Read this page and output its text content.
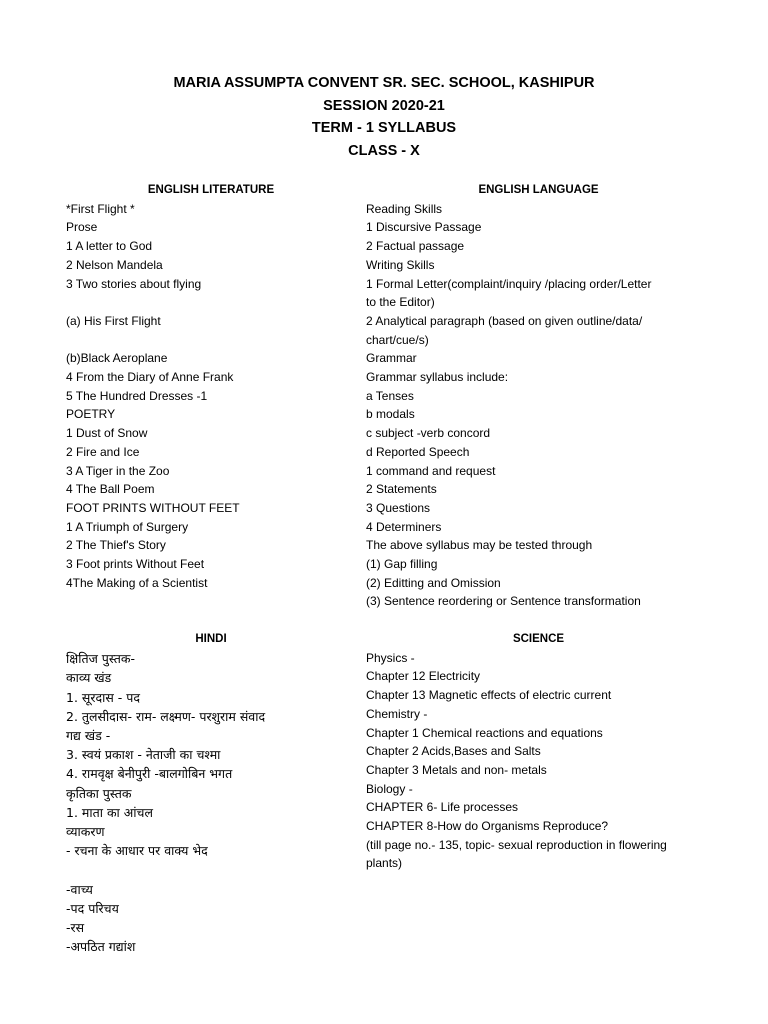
MARIA ASSUMPTA CONVENT SR. SEC. SCHOOL, KASHIPUR
SESSION 2020-21
TERM - 1 SYLLABUS
CLASS - X
ENGLISH LITERATURE
*First Flight *
Prose
1 A letter to God
2 Nelson Mandela
3 Two stories about flying
(a) His First Flight
(b)Black Aeroplane
4 From the Diary of Anne Frank
5 The Hundred Dresses -1
POETRY
1 Dust of Snow
2 Fire and Ice
3 A Tiger in the Zoo
4 The Ball Poem
FOOT PRINTS WITHOUT FEET
1 A Triumph of Surgery
2 The Thief's Story
3 Foot prints Without Feet
4The Making of a Scientist
ENGLISH LANGUAGE
Reading Skills
1 Discursive Passage
2 Factual passage
Writing Skills
1 Formal Letter(complaint/inquiry /placing order/Letter
to the Editor)
2 Analytical paragraph (based on given outline/data/
chart/cue/s)
Grammar
Grammar syllabus include:
a Tenses
b modals
c subject -verb concord
d Reported Speech
1 command and request
2 Statements
3 Questions
4 Determiners
The above syllabus may be tested through
(1) Gap filling
(2) Editting and Omission
(3) Sentence reordering or Sentence transformation
HINDI
क्षितिज पुस्तक-
काव्य खंड
1. सूरदास - पद
2. तुलसीदास- राम- लक्ष्मण- परशुराम संवाद
गद्य खंड -
3. स्वयं प्रकाश - नेताजी का चश्मा
4. रामवृक्ष बेनीपुरी -बालगोबिन भगत
कृतिका पुस्तक
1. माता का आंचल
व्याकरण
- रचना के आधार पर वाक्य भेद
-वाच्य
-पद परिचय
-रस
-अपठित गद्यांश
SCIENCE
Physics -
Chapter 12 Electricity
Chapter 13 Magnetic effects of electric current
Chemistry -
Chapter 1 Chemical reactions and equations
Chapter 2 Acids,Bases and Salts
Chapter 3 Metals and non- metals
Biology -
CHAPTER 6- Life processes
CHAPTER 8-How do Organisms Reproduce?
(till page no.- 135, topic- sexual reproduction in flowering
plants)
